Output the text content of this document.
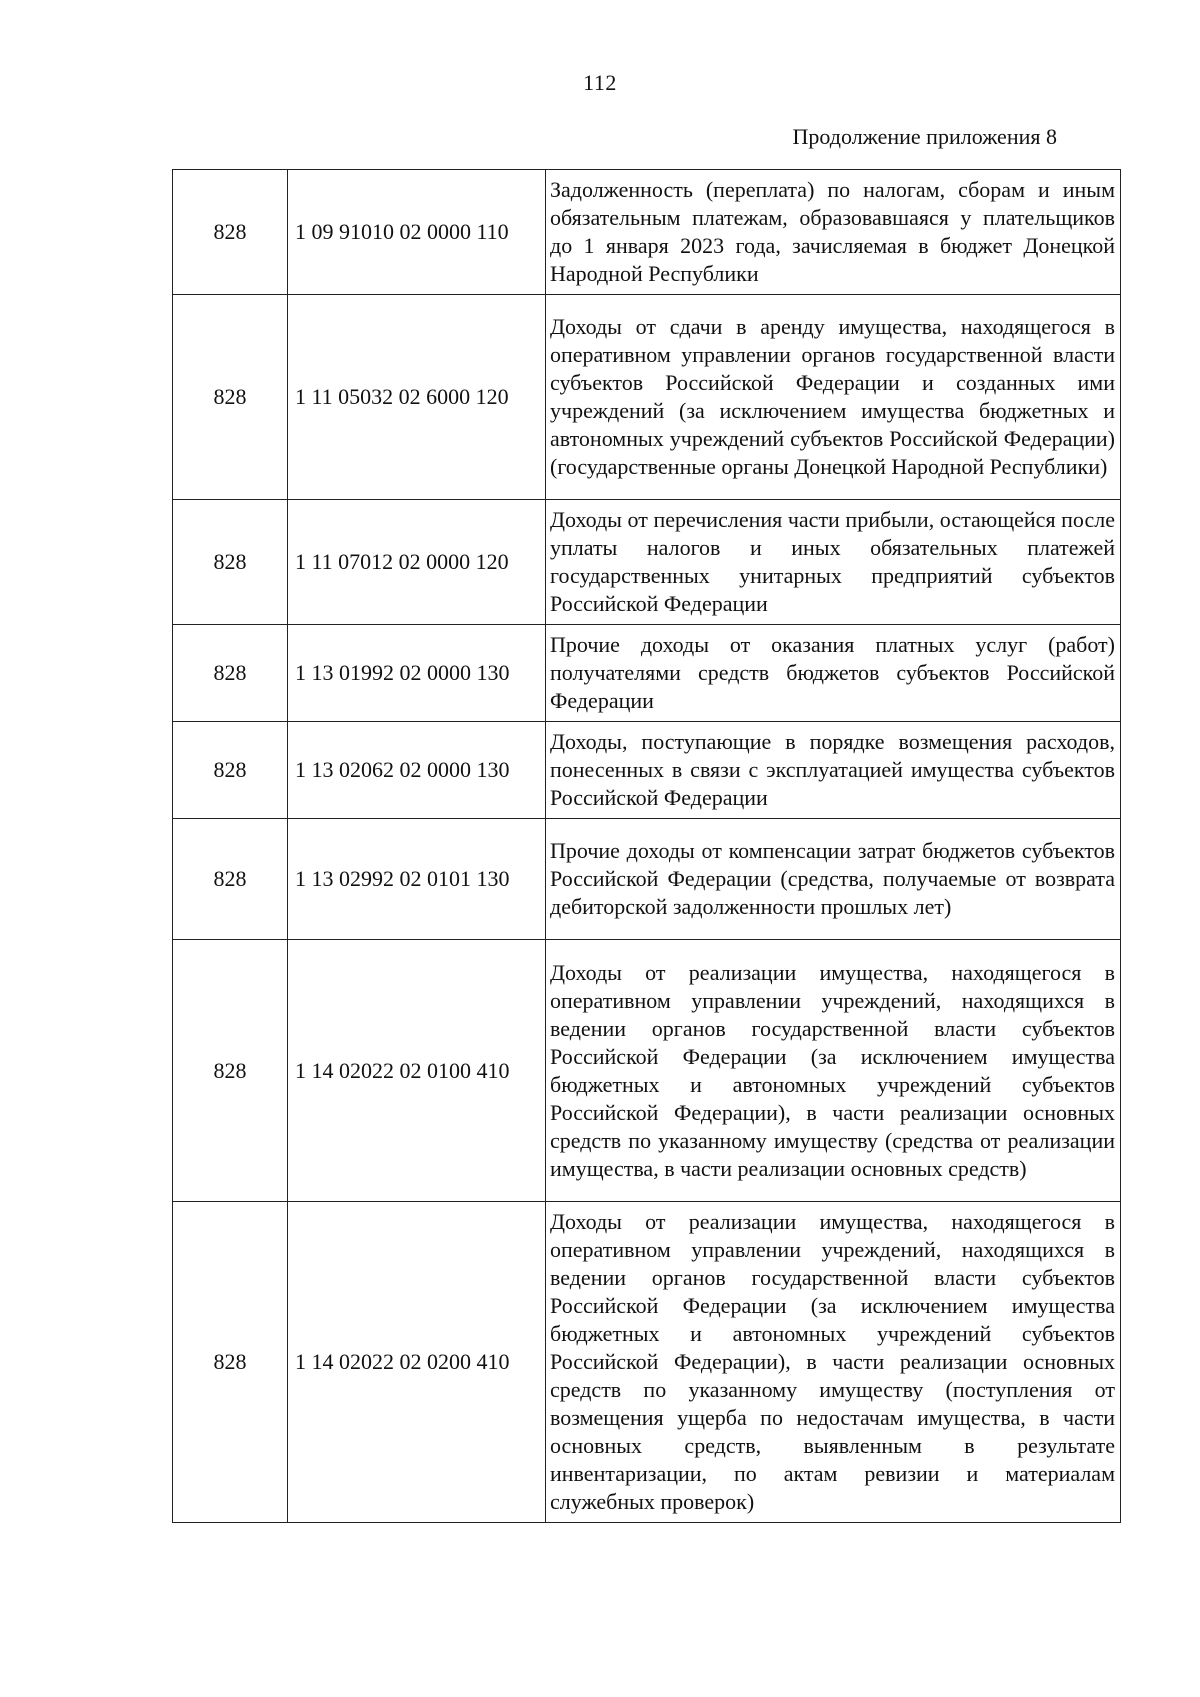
112
Продолжение приложения 8
828	1 09 91010 02 0000 110	Задолженность (переплата) по налогам, сборам и иным обязательным платежам, образовавшаяся у плательщиков до 1 января 2023 года, зачисляемая в бюджет Донецкой Народной Республики
828	1 11 05032 02 6000 120	Доходы от сдачи в аренду имущества, находящегося в оперативном управлении органов государственной власти субъектов Российской Федерации и созданных ими учреждений (за исключением имущества бюджетных и автономных учреждений субъектов Российской Федерации) (государственные органы Донецкой Народной Республики)
828	1 11 07012 02 0000 120	Доходы от перечисления части прибыли, остающейся после уплаты налогов и иных обязательных платежей государственных унитарных предприятий субъектов Российской Федерации
828	1 13 01992 02 0000 130	Прочие доходы от оказания платных услуг (работ) получателями средств бюджетов субъектов Российской Федерации
828	1 13 02062 02 0000 130	Доходы, поступающие в порядке возмещения расходов, понесенных в связи с эксплуатацией имущества субъектов Российской Федерации
828	1 13 02992 02 0101 130	Прочие доходы от компенсации затрат бюджетов субъектов Российской Федерации (средства, получаемые от возврата дебиторской задолженности прошлых лет)
828	1 14 02022 02 0100 410	Доходы от реализации имущества, находящегося в оперативном управлении учреждений, находящихся в ведении органов государственной власти субъектов Российской Федерации (за исключением имущества бюджетных и автономных учреждений субъектов Российской Федерации), в части реализации основных средств по указанному имуществу (средства от реализации имущества, в части реализации основных средств)
828	1 14 02022 02 0200 410	Доходы от реализации имущества, находящегося в оперативном управлении учреждений, находящихся в ведении органов государственной власти субъектов Российской Федерации (за исключением имущества бюджетных и автономных учреждений субъектов Российской Федерации), в части реализации основных средств по указанному имуществу (поступления от возмещения ущерба по недостачам имущества, в части основных средств, выявленным в результате инвентаризации, по актам ревизии и материалам служебных проверок)
